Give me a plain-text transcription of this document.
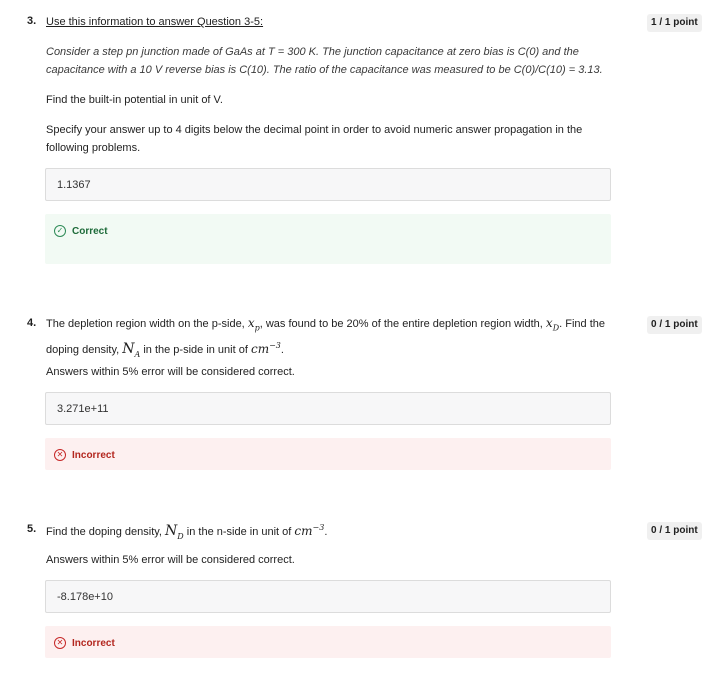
3.	1 / 1 point
Use this information to answer Question 3-5:
Consider a step pn junction made of GaAs at T = 300 K. The junction capacitance at zero bias is C(0) and the capacitance with a 10 V reverse bias is C(10). The ratio of the capacitance was measured to be C(0)/C(10) = 3.13.
Find the built-in potential in unit of V.
Specify your answer up to 4 digits below the decimal point in order to avoid numeric answer propagation in the following problems.
1.1367
✓ Correct
4.	0 / 1 point
The depletion region width on the p-side, $x_p$, was found to be 20% of the entire depletion region width, $x_D$. Find the doping density, $N_A$ in the p-side in unit of $cm^{-3}$.
Answers within 5% error will be considered correct.
3.271e+11
✕ Incorrect
5.	0 / 1 point
Find the doping density, $N_D$ in the n-side in unit of $cm^{-3}$.
Answers within 5% error will be considered correct.
-8.178e+10
✕ Incorrect
